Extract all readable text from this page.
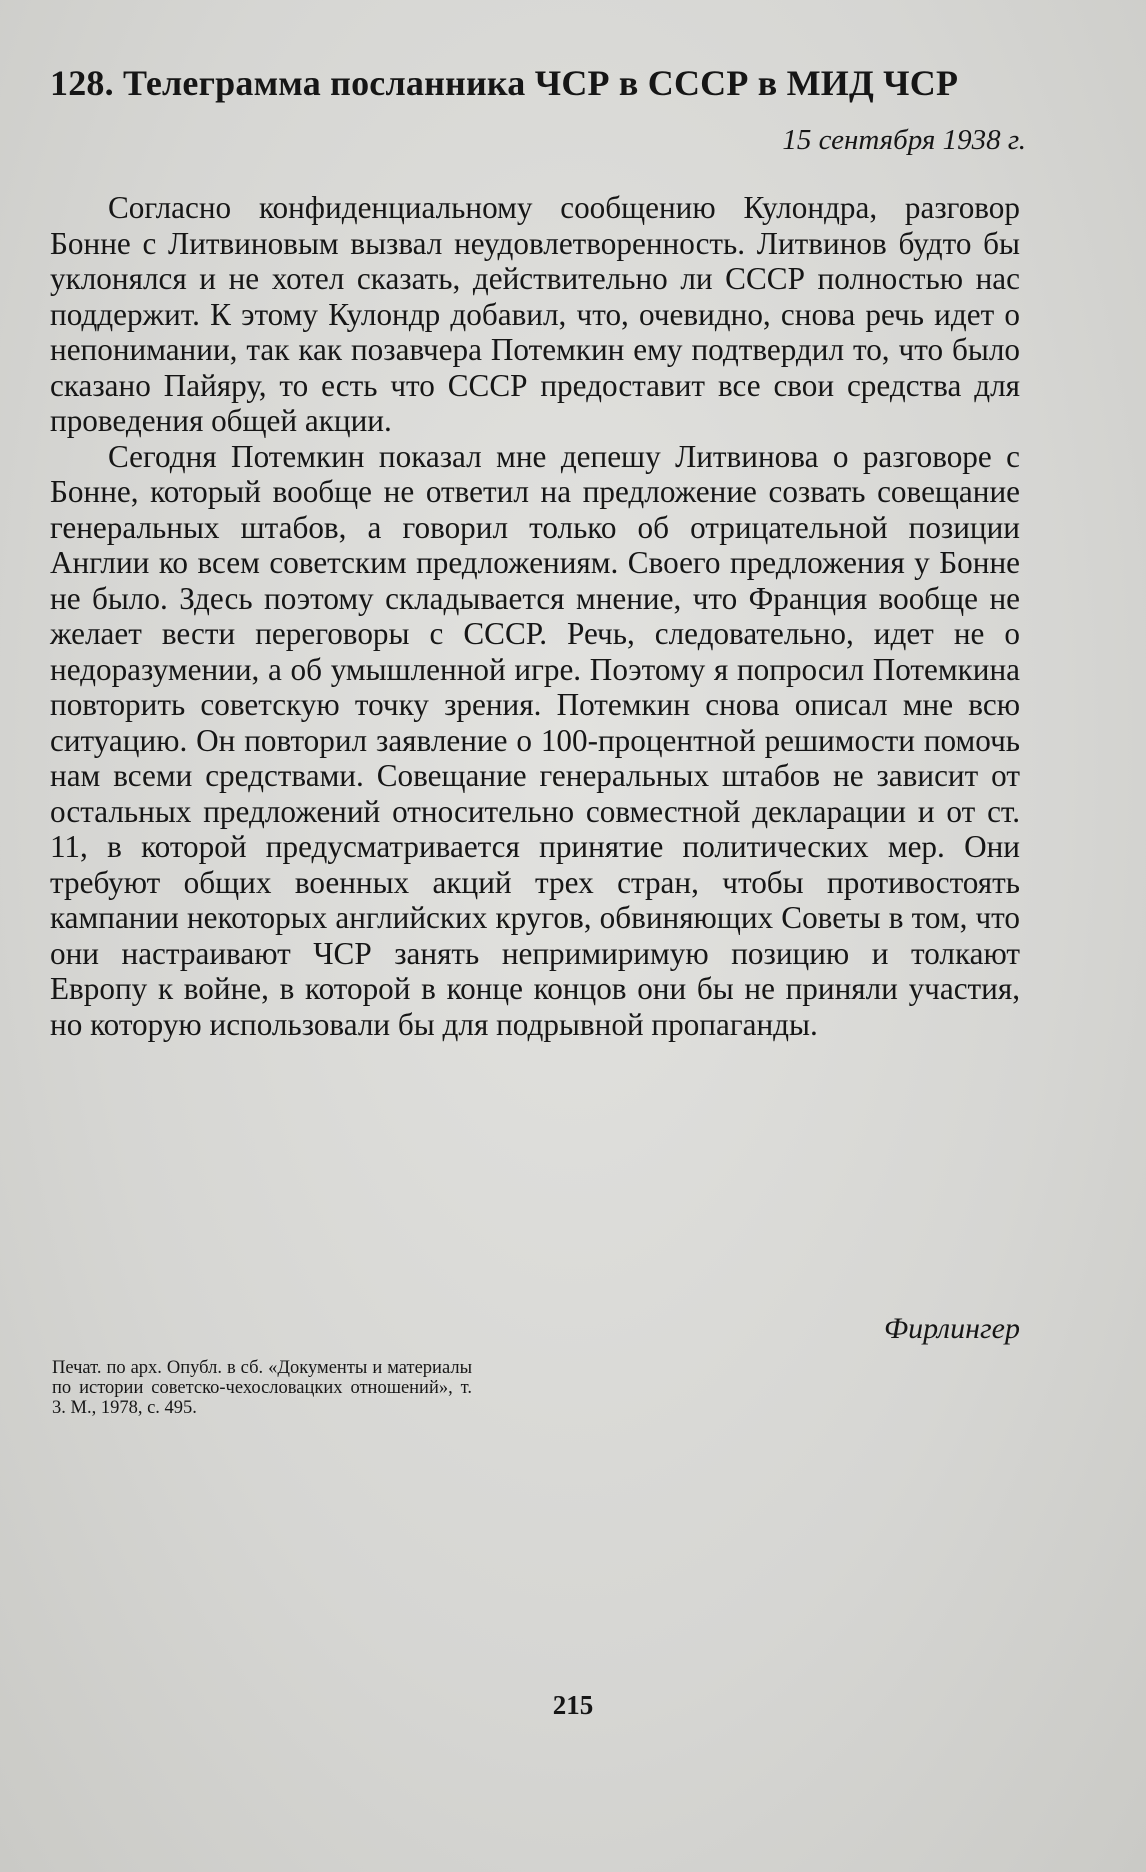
128. Телеграмма посланника ЧСР в СССР в МИД ЧСР

15 сентября 1938 г.

Согласно конфиденциальному сообщению Кулондра, разговор Бонне с Литвиновым вызвал неудовлетворенность. Литвинов будто бы уклонялся и не хотел сказать, действительно ли СССР полностью нас поддержит. К этому Кулондр добавил, что, очевидно, снова речь идет о непонимании, так как позавчера Потемкин ему подтвердил то, что было сказано Пайяру, то есть что СССР предоставит все свои средства для проведения общей акции.

Сегодня Потемкин показал мне депешу Литвинова о разговоре с Бонне, который вообще не ответил на предложение созвать совещание генеральных штабов, а говорил только об отрицательной позиции Англии ко всем советским предложениям. Своего предложения у Бонне не было. Здесь поэтому складывается мнение, что Франция вообще не желает вести переговоры с СССР. Речь, следовательно, идет не о недоразумении, а об умышленной игре. Поэтому я попросил Потемкина повторить советскую точку зрения. Потемкин снова описал мне всю ситуацию. Он повторил заявление о 100-процентной решимости помочь нам всеми средствами. Совещание генеральных штабов не зависит от остальных предложений относительно совместной декларации и от ст. 11, в которой предусматривается принятие политических мер. Они требуют общих военных акций трех стран, чтобы противостоять кампании некоторых английских кругов, обвиняющих Советы в том, что они настраивают ЧСР занять непримиримую позицию и толкают Европу к войне, в которой в конце концов они бы не приняли участия, но которую использовали бы для подрывной пропаганды.

Фирлингер

Печат. по арх. Опубл. в сб. «Документы и материалы по истории советско-чехословацких отношений», т. 3. М., 1978, с. 495.

215
